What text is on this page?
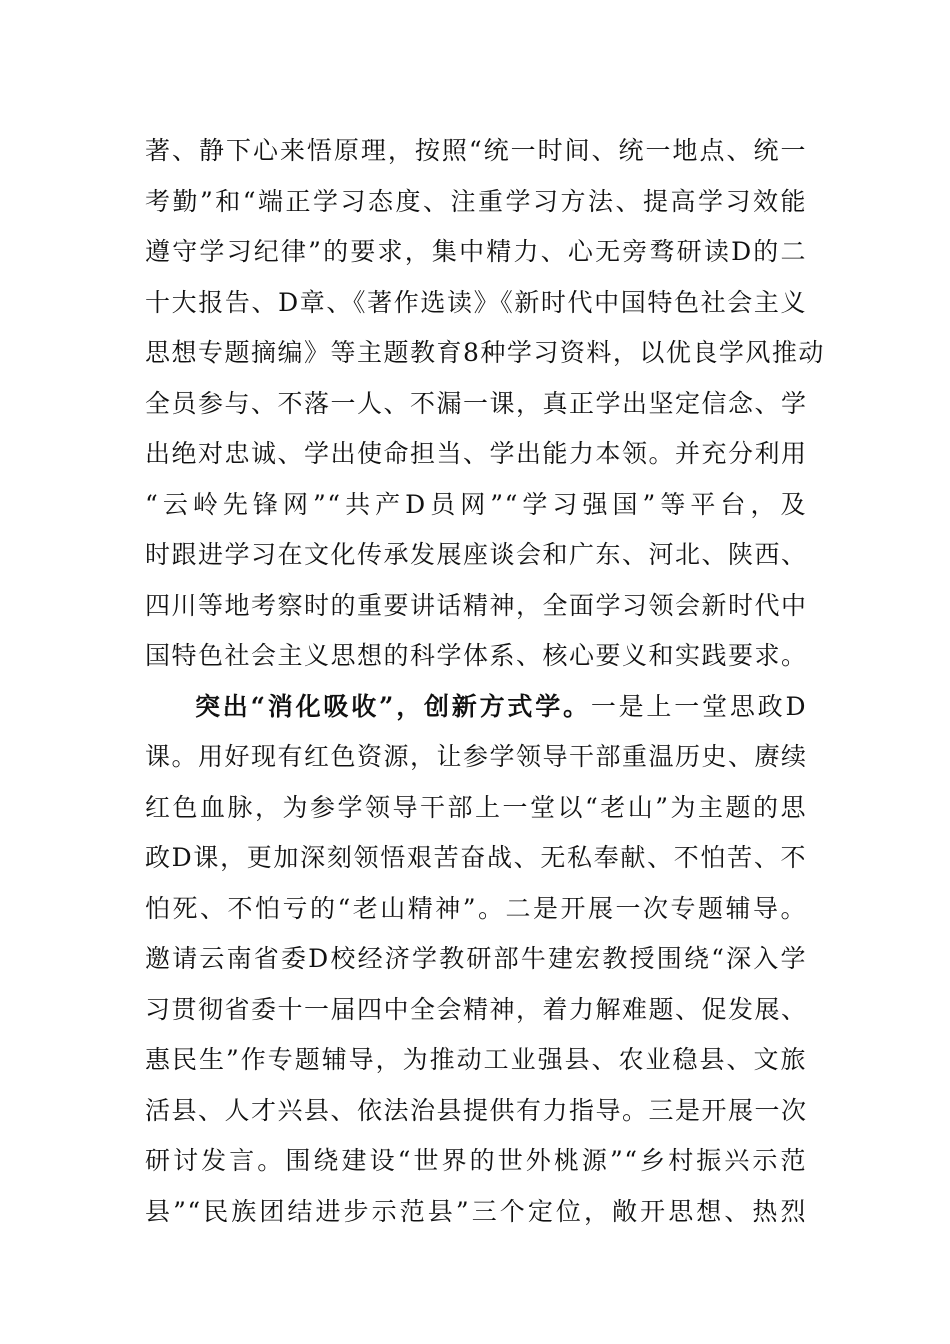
著、静下心来悟原理，按照“统一时间、统一地点、统一
考勤”和“端正学习态度、注重学习方法、提高学习效能
遵守学习纪律”的要求，集中精力、心无旁骛研读D的二
十大报告、D章、《著作选读》《新时代中国特色社会主义
思想专题摘编》等主题教育8种学习资料，以优良学风推动
全员参与、不落一人、不漏一课，真正学出坚定信念、学
出绝对忠诚、学出使命担当、学出能力本领。并充分利用
“云岭先锋网”“共产D员网”“学习强国”等平台，及
时跟进学习在文化传承发展座谈会和广东、河北、陕西、
四川等地考察时的重要讲话精神，全面学习领会新时代中
国特色社会主义思想的科学体系、核心要义和实践要求。
突出“消化吸收”，创新方式学。一是上一堂思政D
课。用好现有红色资源，让参学领导干部重温历史、赓续
红色血脉，为参学领导干部上一堂以“老山”为主题的思
政D课，更加深刻领悟艰苦奋战、无私奉献、不怕苦、不
怕死、不怕亏的“老山精神”。二是开展一次专题辅导。
邀请云南省委D校经济学教研部牛建宏教授围绕“深入学
习贯彻省委十一届四中全会精神，着力解难题、促发展、
惠民生”作专题辅导，为推动工业强县、农业稳县、文旅
活县、人才兴县、依法治县提供有力指导。三是开展一次
研讨发言。围绕建设“世界的世外桃源”“乡村振兴示范
县”“民族团结进步示范县”三个定位，敞开思想、热烈
